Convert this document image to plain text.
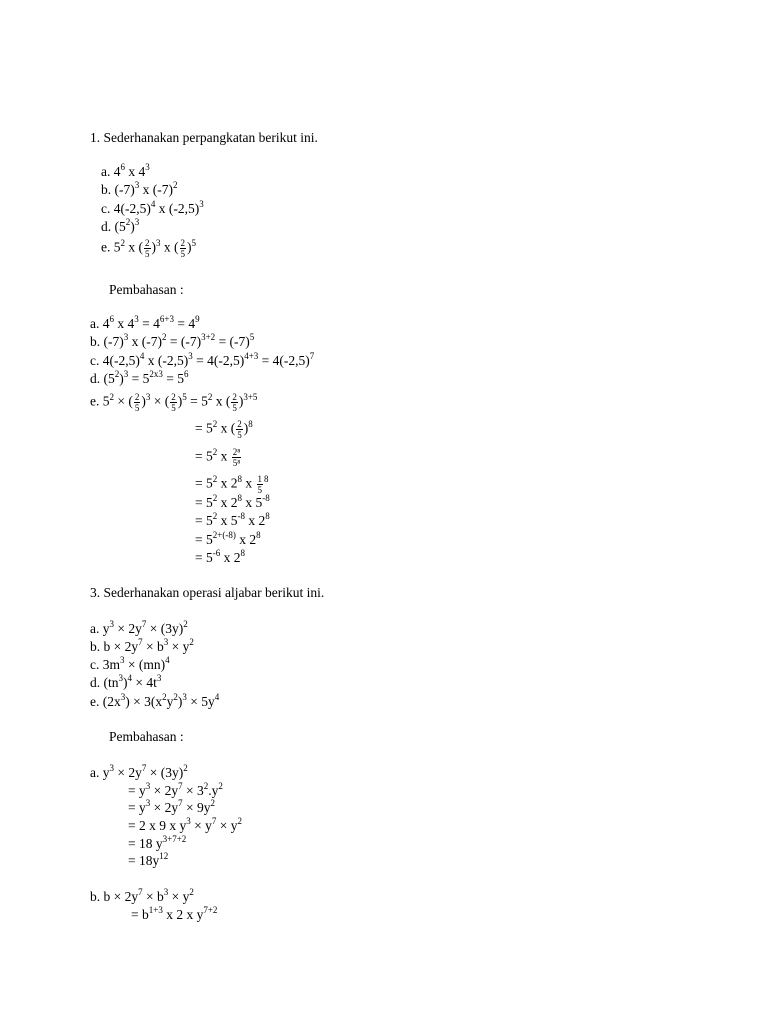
1. Sederhanakan perpangkatan berikut ini.
a. $4^6$ x $4^3$
b. $(-7)^3$ x $(-7)^2$
c. $4(-2,5)^4$ x $(-2,5)^3$
d. $(5^2)^3$
e. $5^2$ x ( $\frac{2}{5} )^3$ x ( $\frac{2}{5} )^5$
Pembahasan :
a. $4^6$ x $4^3 = 4^{6+3} = 4^9$
b. $(-7)^3$ x $(-7)^2 = (-7)^{3+2} = (-7)^5$
c. $4(-2,5)^4$ x $(-2,5)^3 = 4(-2,5)^{4+3} = 4(-2,5)^7$
d. $(5^2)^3 = 5^{2x3} = 5^6$
e. $5^2$ × ( $\frac{2}{5} )^3$ × ( $\frac{2}{5} )^5 = 5^2$ x ( $\frac{2}{5} )^{3+5}$
= $5^2$ x ( $\frac{2}{5} )^8$
= $5^2$ x $\frac{\text{2⁸}}{\text{5⁸}}$
= $5^2$ x $2^8$ x $\frac{1}{5} ^8$
= $5^2$ x $2^8$ x $5^{-8}$
= $5^2$ x $5^{-8}$ x $2^8$
= $5^{2+(-8)}$ x $2^8$
= $5^{-6}$ x $2^8$
3. Sederhanakan operasi aljabar berikut ini.
a. $y^3 \times 2y^7 \times (3y)^2$
b. $b \times 2y^7 \times b^3 \times y^2$
c. $3m^3 \times (mn)^4$
d. $(tn^3)^4 \times 4t^3$
e. $(2x^3) \times 3(x^2y^2)^3 \times 5y^4$
Pembahasan :
a. $y^3 \times 2y^7 \times (3y)^2$
= $y^3 \times 2y^7 \times 3^2.y^2$
= $y^3 \times 2y^7 \times 9y^2$
= 2 x 9 x $y^3 \times y^7 \times y^2$
= 18 $y^{3+7+2}$
= $18y^{12}$
b. $b \times 2y^7 \times b^3 \times y^2$
= $b^{1+3}$ x 2 x $y^{7+2}$
